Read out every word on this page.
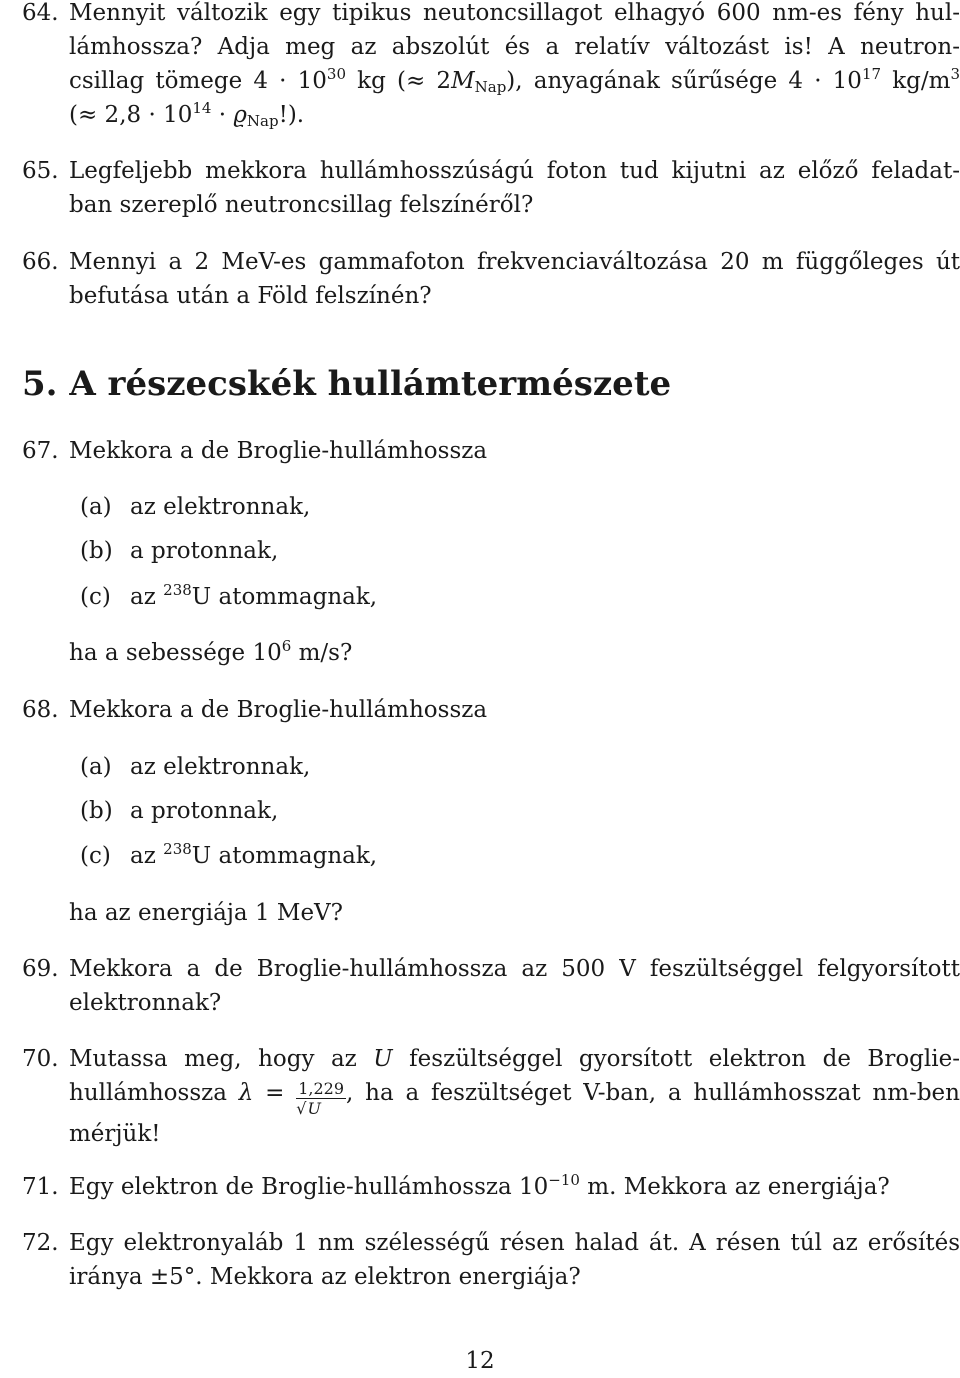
64. Mennyit változik egy tipikus neutoncsillagot elhagyó 600 nm-es fény hul-
lámhossza? Adja meg az abszolút és a relatív változást is! A neutron-
csillag tömege $4 \cdot 10^{30}$ kg (≈ $2M_{Nap}$), anyagának sűrűsége $4 \cdot 10^{17}$ $kg/m^3$
(≈ $2,8 \cdot 10^{14} \cdot ϱ_{Nap}$!).
65. Legfeljebb mekkora hullámhosszúságú foton tud kijutni az előző feladat-
ban szereplő neutroncsillag felszínéről?
66. Mennyi a 2 MeV-es gammafoton frekvenciaváltozása 20 m függőleges út
befutása után a Föld felszínén?
5. A részecskék hullámtermészete
67. Mekkora a de Broglie-hullámhossza
(a) az elektronnak,
(b) a protonnak,
(c) az $^{238}$U atommagnak,
ha a sebessége $10^6$ m/s?
68. Mekkora a de Broglie-hullámhossza
(a) az elektronnak,
(b) a protonnak,
(c) az $^{238}$U atommagnak,
ha az energiája 1 MeV?
69. Mekkora a de Broglie-hullámhossza az 500 V feszültséggel felgyorsított
elektronnak?
70. Mutassa meg, hogy az U feszültséggel gyorsított elektron de Broglie-
hullámhossza $\lambda = \frac{1,229}{√U}$ , ha a feszültséget V-ban, a hullámhosszat nm-ben
mérjük!
71. Egy elektron de Broglie-hullámhossza $10^{-10}$ m. Mekkora az energiája?
72. Egy elektronyaláb 1 nm szélességű résen halad át. A résen túl az erősítés
iránya ±5°. Mekkora az elektron energiája?
12
